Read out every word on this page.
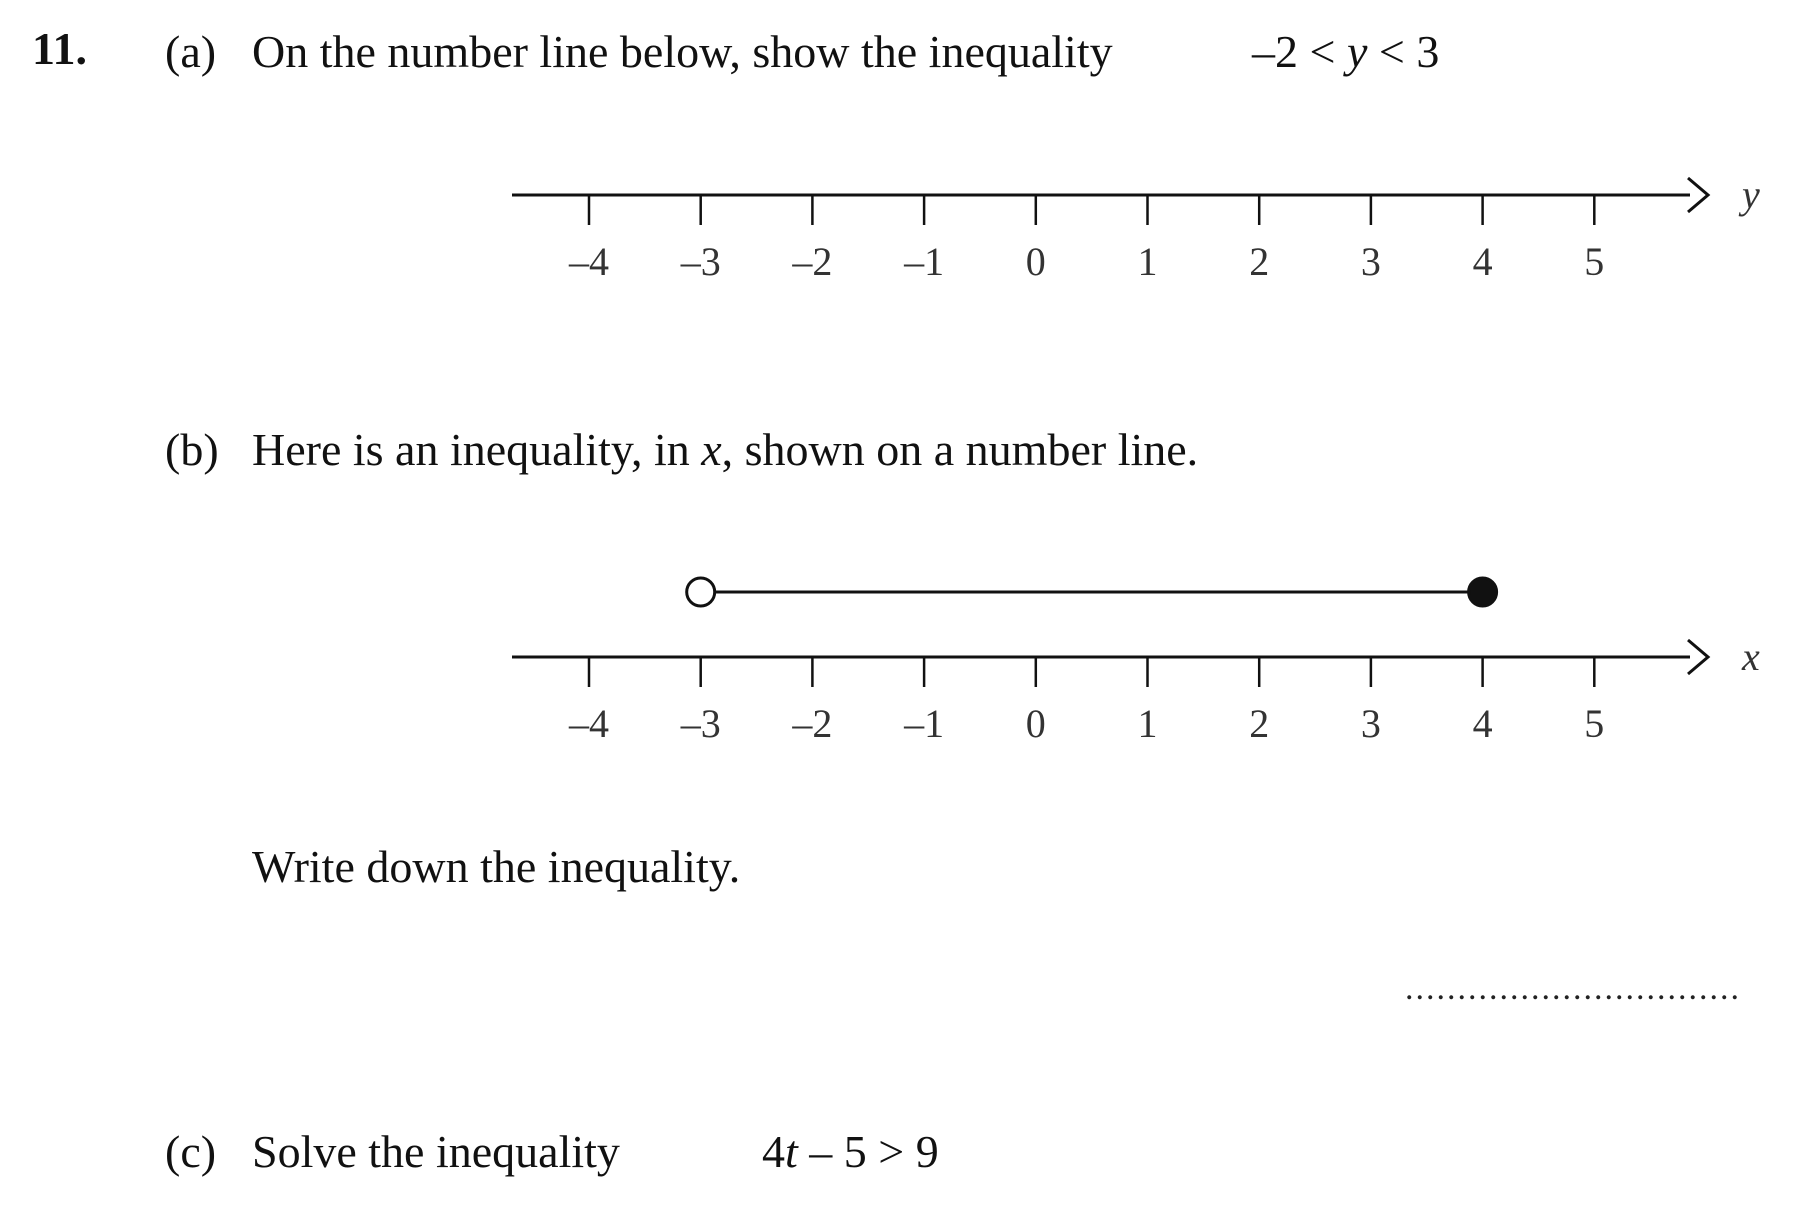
11. (a) On the number line below, show the inequality	–2 < y < 3
y
–4 –3 –2 –1 0 1 2 3 4 5
(b) Here is an inequality, in x, shown on a number line.
x
–4 –3 –2 –1 0 1 2 3 4 5
Write down the inequality.
................................
(c) Solve the inequality	4t – 5 > 9
